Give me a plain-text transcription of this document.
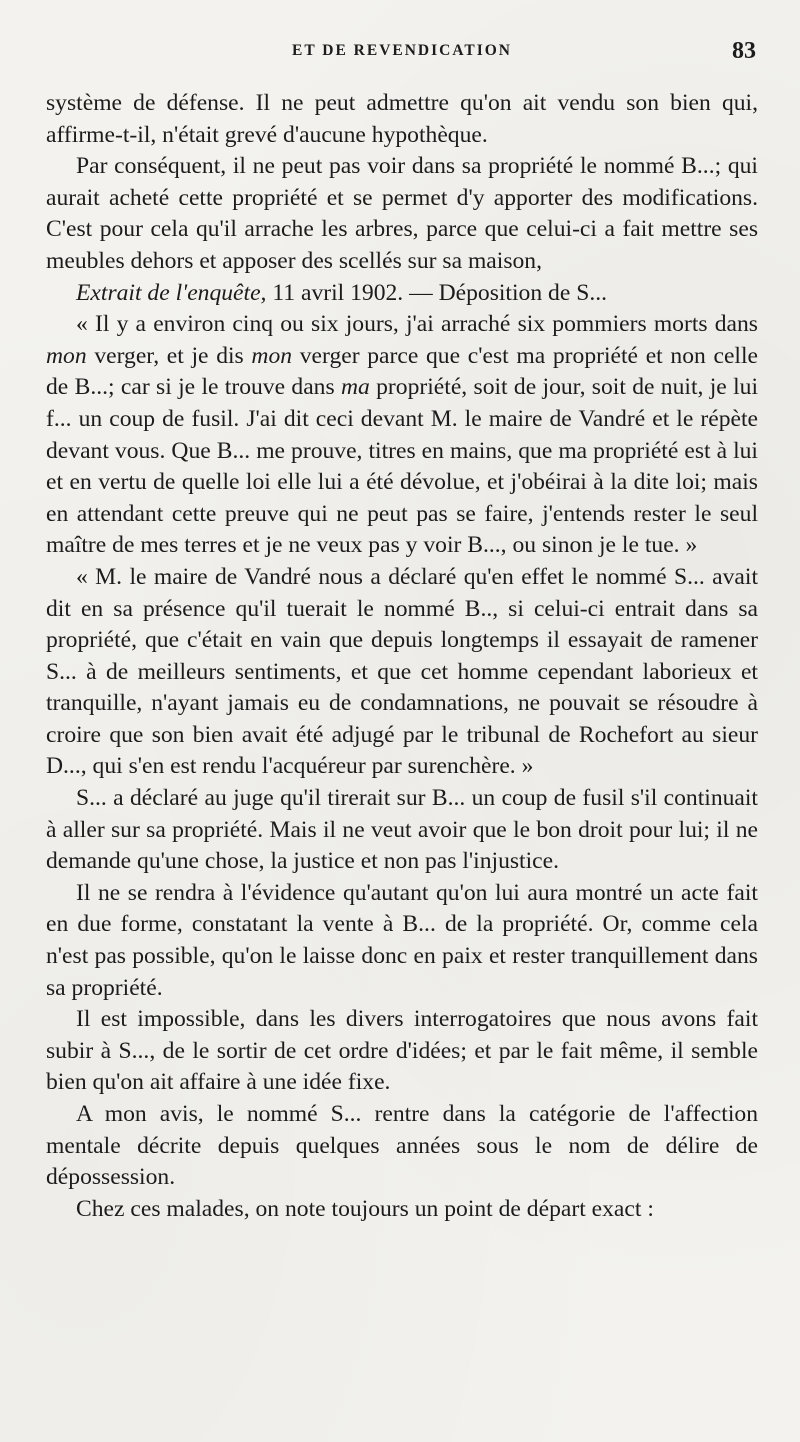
ET DE REVENDICATION	83

système de défense. Il ne peut admettre qu'on ait vendu son bien qui, affirme-t-il, n'était grevé d'aucune hypothèque.

Par conséquent, il ne peut pas voir dans sa propriété le nommé B...; qui aurait acheté cette propriété et se permet d'y apporter des modifications. C'est pour cela qu'il arrache les arbres, parce que celui-ci a fait mettre ses meubles dehors et apposer des scellés sur sa maison,

Extrait de l'enquête, 11 avril 1902. — Déposition de S...

« Il y a environ cinq ou six jours, j'ai arraché six pommiers morts dans mon verger, et je dis mon verger parce que c'est ma propriété et non celle de B...; car si je le trouve dans ma propriété, soit de jour, soit de nuit, je lui f... un coup de fusil. J'ai dit ceci devant M. le maire de Vandré et le répète devant vous. Que B... me prouve, titres en mains, que ma propriété est à lui et en vertu de quelle loi elle lui a été dévolue, et j'obéirai à la dite loi; mais en attendant cette preuve qui ne peut pas se faire, j'entends rester le seul maître de mes terres et je ne veux pas y voir B..., ou sinon je le tue. »

« M. le maire de Vandré nous a déclaré qu'en effet le nommé S... avait dit en sa présence qu'il tuerait le nommé B.., si celui-ci entrait dans sa propriété, que c'était en vain que depuis longtemps il essayait de ramener S... à de meilleurs sentiments, et que cet homme cependant laborieux et tranquille, n'ayant jamais eu de condamnations, ne pouvait se résoudre à croire que son bien avait été adjugé par le tribunal de Rochefort au sieur D..., qui s'en est rendu l'acquéreur par surenchère. »

S... a déclaré au juge qu'il tirerait sur B... un coup de fusil s'il continuait à aller sur sa propriété. Mais il ne veut avoir que le bon droit pour lui; il ne demande qu'une chose, la justice et non pas l'injustice.

Il ne se rendra à l'évidence qu'autant qu'on lui aura montré un acte fait en due forme, constatant la vente à B... de la propriété. Or, comme cela n'est pas possible, qu'on le laisse donc en paix et rester tranquillement dans sa propriété.

Il est impossible, dans les divers interrogatoires que nous avons fait subir à S..., de le sortir de cet ordre d'idées; et par le fait même, il semble bien qu'on ait affaire à une idée fixe.

A mon avis, le nommé S... rentre dans la catégorie de l'affection mentale décrite depuis quelques années sous le nom de délire de dépossession.

Chez ces malades, on note toujours un point de départ exact :
